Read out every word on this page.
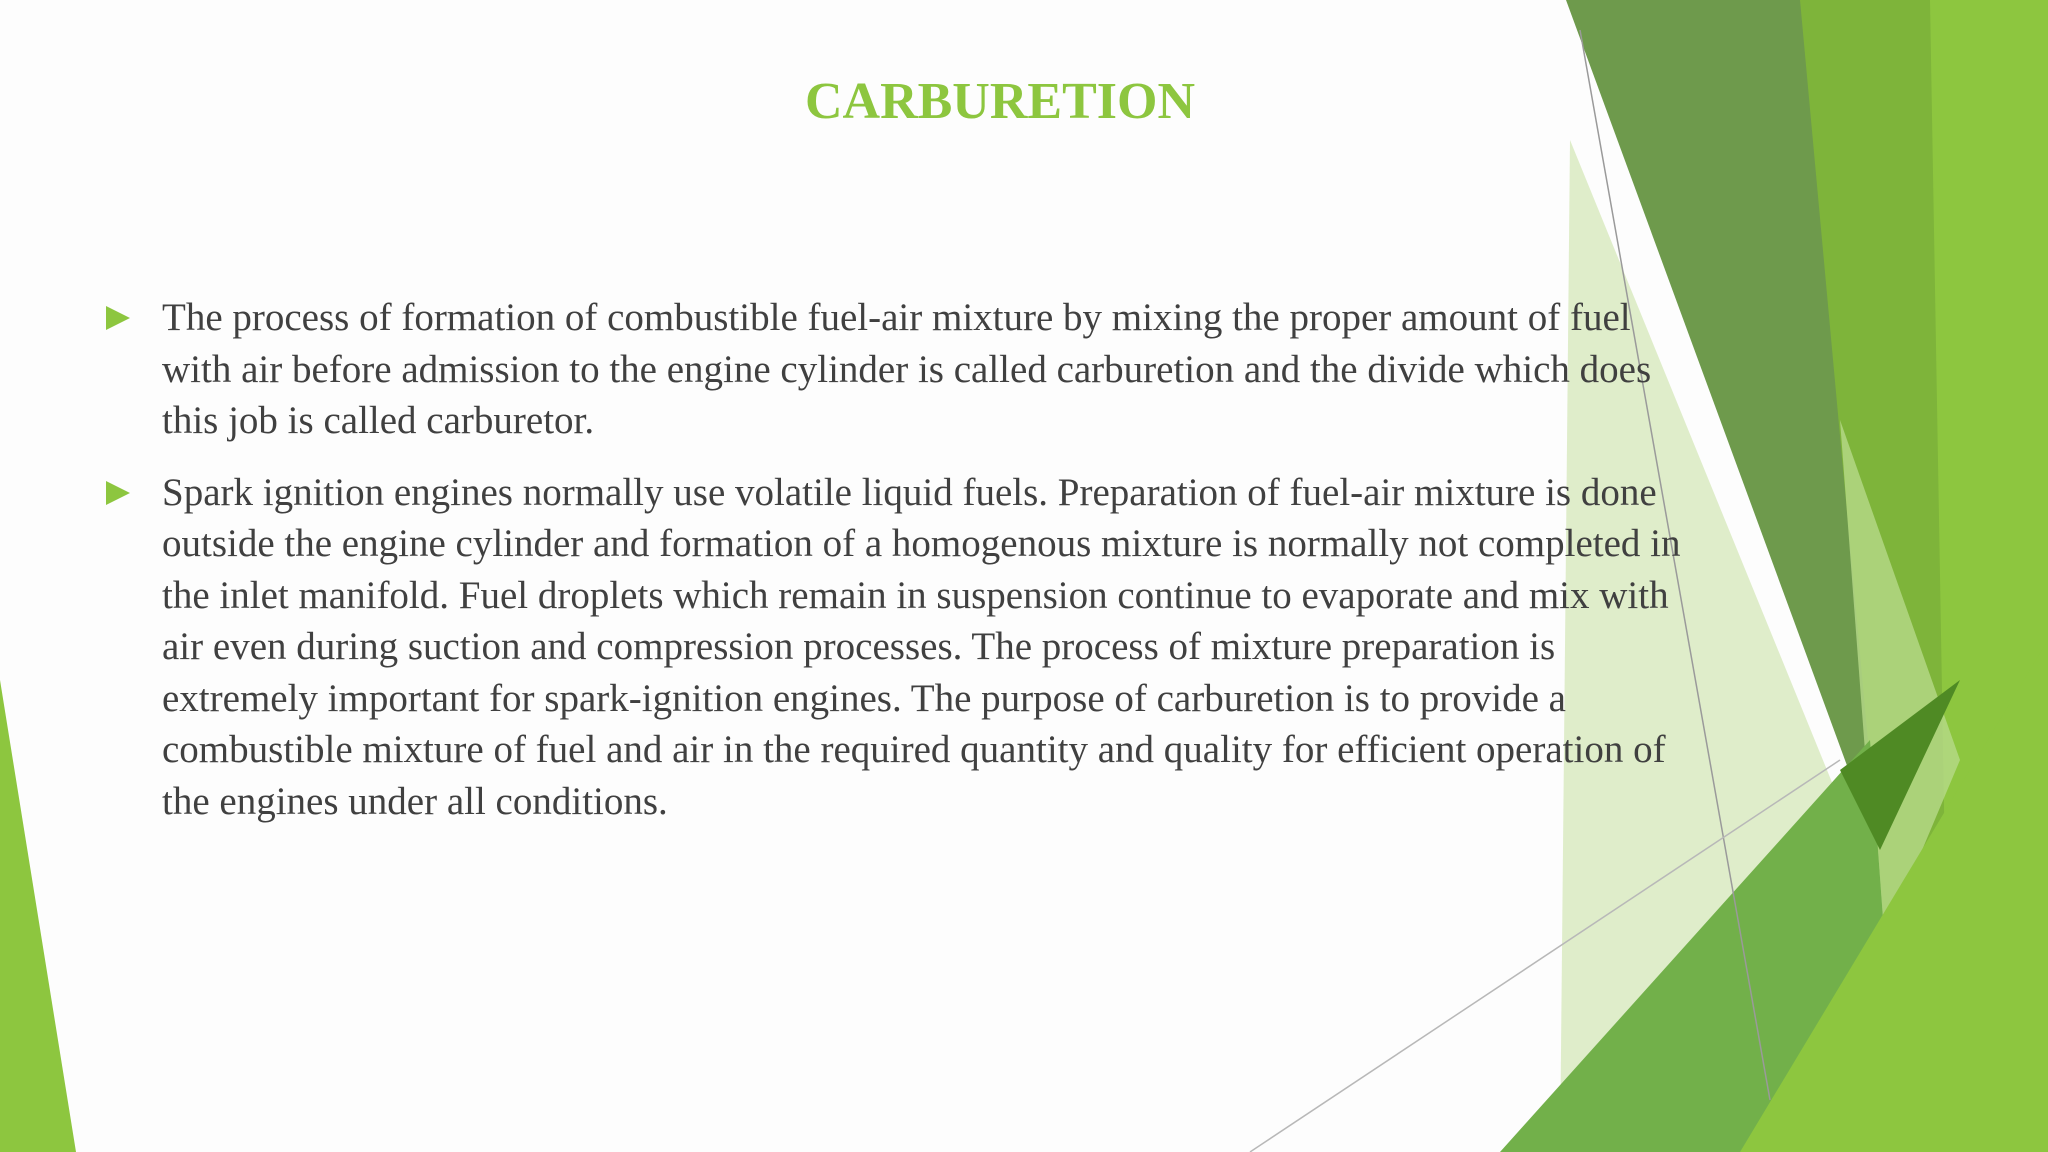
CARBURETION
The process of formation of combustible fuel-air mixture by mixing the proper amount of fuel with air before admission to the engine cylinder is called carburetion and the divide which does this job is called carburetor.
Spark ignition engines normally use volatile liquid fuels. Preparation of fuel-air mixture is done outside the engine cylinder and formation of a homogenous mixture is normally not completed in the inlet manifold. Fuel droplets which remain in suspension continue to evaporate and mix with air even during suction and compression processes. The process of mixture preparation is extremely important for spark-ignition engines. The purpose of carburetion is to provide a combustible mixture of fuel and air in the required quantity and quality for efficient operation of the engines under all conditions.
